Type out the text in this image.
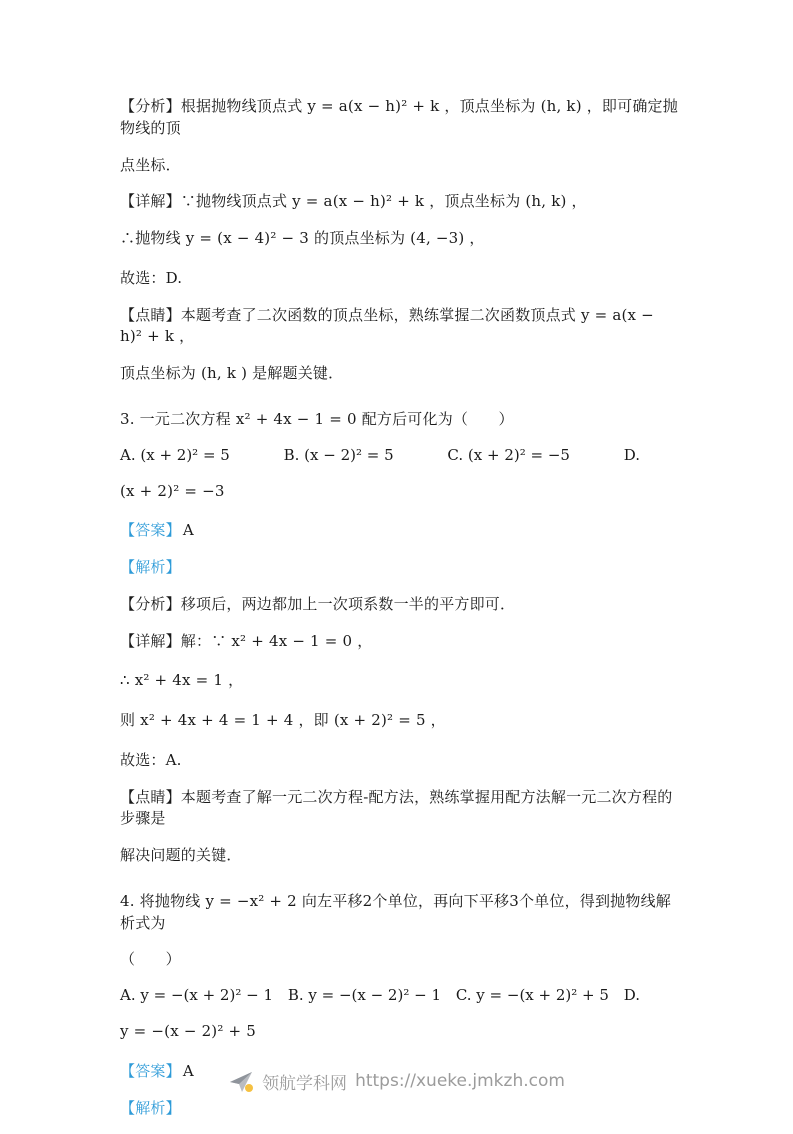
【分析】根据抛物线顶点式 y = a(x − h)² + k ，顶点坐标为 (h, k) ，即可确定抛物线的顶
点坐标．
【详解】∵抛物线顶点式 y = a(x − h)² + k ，顶点坐标为 (h, k) ，
∴抛物线 y = (x − 4)² − 3 的顶点坐标为 (4, −3) ，
故选：D.
【点睛】本题考查了二次函数的顶点坐标，熟练掌握二次函数顶点式 y = a(x − h)² + k ，
顶点坐标为 (h, k ) 是解题关键．
3. 一元二次方程 x² + 4x − 1 = 0 配方后可化为（　　）
A. (x + 2)² = 5	B. (x − 2)² = 5	C. (x + 2)² = −5	D.
(x + 2)² = −3
【答案】 A
【解析】
【分析】移项后，两边都加上一次项系数一半的平方即可．
【详解】解：∵ x² + 4x − 1 = 0 ，
∴ x² + 4x = 1 ，
则 x² + 4x + 4 = 1 + 4 ，即 (x + 2)² = 5 ，
故选：A.
【点睛】本题考查了解一元二次方程-配方法，熟练掌握用配方法解一元二次方程的步骤是
解决问题的关键．
4. 将抛物线 y = −x² + 2 向左平移2个单位，再向下平移3个单位，得到抛物线解析式为
（　　）
A. y = −(x + 2)² − 1 B. y = −(x − 2)² − 1 C. y = −(x + 2)² + 5 D.
y = −(x − 2)² + 5
【答案】 A
【解析】
领航学科网 https://xueke.jmkzh.com
